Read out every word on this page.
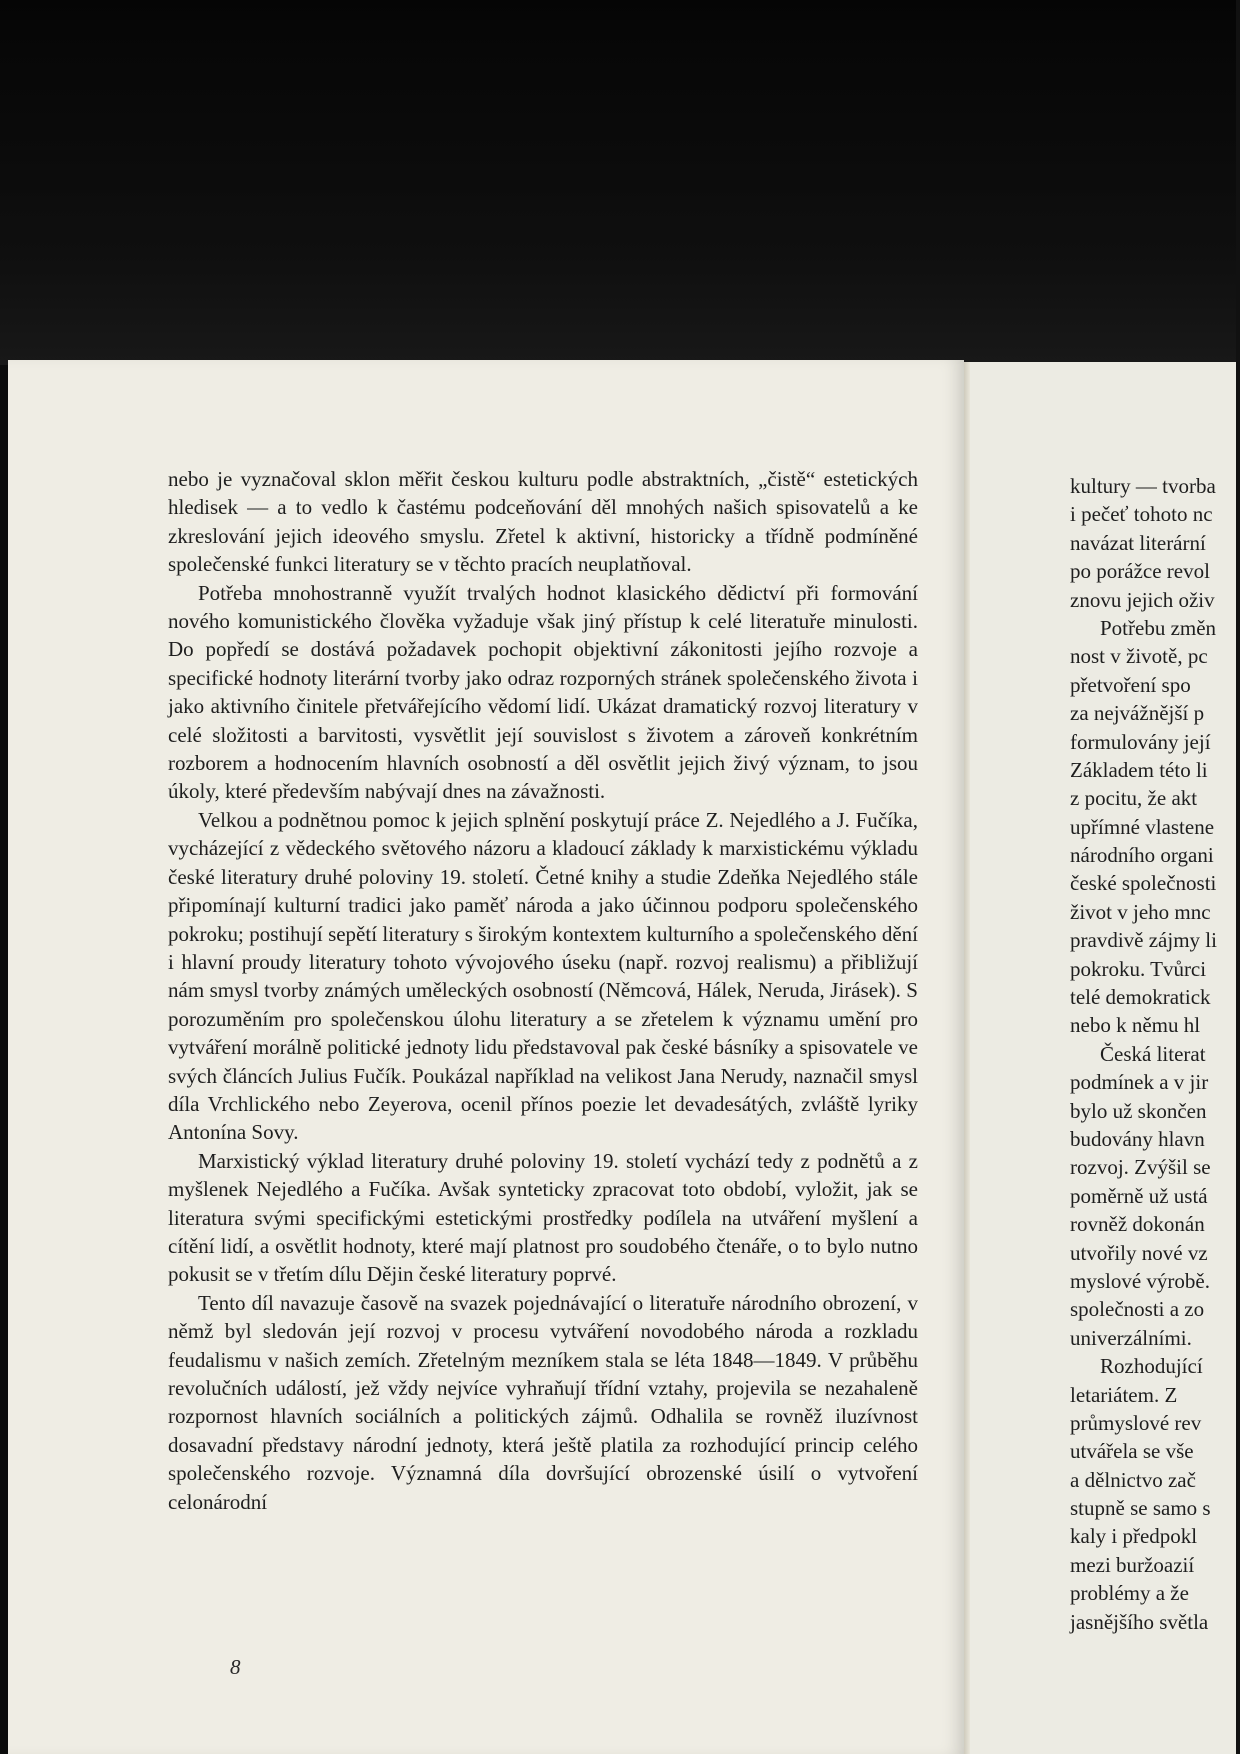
nebo je vyznačoval sklon měřit českou kulturu podle abstraktních, „čistě“ estetických hledisek — a to vedlo k častému podceňování děl mnohých našich spisovatelů a ke zkreslování jejich ideového smyslu. Zřetel k aktivní, historicky a třídně podmíněné společenské funkci literatury se v těchto pracích neuplatňoval.

Potřeba mnohostranně využít trvalých hodnot klasického dědictví při formování nového komunistického člověka vyžaduje však jiný přístup k celé literatuře minulosti. Do popředí se dostává požadavek pochopit objektivní zákonitosti jejího rozvoje a specifické hodnoty literární tvorby jako odraz rozporných stránek společenského života i jako aktivního činitele přetvářejícího vědomí lidí. Ukázat dramatický rozvoj literatury v celé složitosti a barvitosti, vysvětlit její souvislost s životem a zároveň konkrétním rozborem a hodnocením hlavních osobností a děl osvětlit jejich živý význam, to jsou úkoly, které především nabývají dnes na závažnosti.

Velkou a podnětnou pomoc k jejich splnění poskytují práce Z. Nejedlého a J. Fučíka, vycházející z vědeckého světového názoru a kladoucí základy k marxistickému výkladu české literatury druhé poloviny 19. století. Četné knihy a studie Zdeňka Nejedlého stále připomínají kulturní tradici jako paměť národa a jako účinnou podporu společenského pokroku; postihují sepětí literatury s širokým kontextem kulturního a společenského dění i hlavní proudy literatury tohoto vývojového úseku (např. rozvoj realismu) a přibližují nám smysl tvorby známých uměleckých osobností (Němcová, Hálek, Neruda, Jirásek). S porozuměním pro společenskou úlohu literatury a se zřetelem k významu umění pro vytváření morálně politické jednoty lidu představoval pak české básníky a spisovatele ve svých článcích Julius Fučík. Poukázal například na velikost Jana Nerudy, naznačil smysl díla Vrchlického nebo Zeyerova, ocenil přínos poezie let devadesátých, zvláště lyriky Antonína Sovy.

Marxistický výklad literatury druhé poloviny 19. století vychází tedy z podnětů a z myšlenek Nejedlého a Fučíka. Avšak synteticky zpracovat toto období, vyložit, jak se literatura svými specifickými estetickými prostředky podílela na utváření myšlení a cítění lidí, a osvětlit hodnoty, které mají platnost pro soudobého čtenáře, o to bylo nutno pokusit se v třetím dílu Dějin české literatury poprvé.

Tento díl navazuje časově na svazek pojednávající o literatuře národního obrození, v němž byl sledován její rozvoj v procesu vytváření novodobého národa a rozkladu feudalismu v našich zemích. Zřetelným mezníkem stala se léta 1848—1849. V průběhu revolučních událostí, jež vždy nejvíce vyhraňují třídní vztahy, projevila se nezahaleně rozpornost hlavních sociálních a politických zájmů. Odhalila se rovněž iluzívnost dosavadní představy národní jednoty, která ještě platila za rozhodující princip celého společenského rozvoje. Významná díla dovršující obrozenské úsilí o vytvoření celonárodní

8
kultury — tvorba
i pečeť tohoto nc
navázat literární
po porážce revol
znovu jejich oživ
Potřebu změn
nost v životě, pc
přetvoření spo
za nejvážnější p
formulovány její
Základem této li
z pocitu, že akt
upřímné vlastene
národního organi
české společnosti
život v jeho mnc
pravdivě zájmy li
pokroku. Tvůrci
telé demokratick
nebo k němu hl
Česká literat
podmínek a v jir
bylo už skončen
budovány hlavn
rozvoj. Zvýšil se
poměrně už ustá
rovněž dokonán
utvořily nové vz
myslové výrobě.
společnosti a zo
univerzálními.
Rozhodující
letariátem. Z
průmyslové rev
utvářela se vše
a dělnictvo zač
stupně se samo s
kaly i předpokl
mezi buržoazií
problémy a že
jasnějšího světla
